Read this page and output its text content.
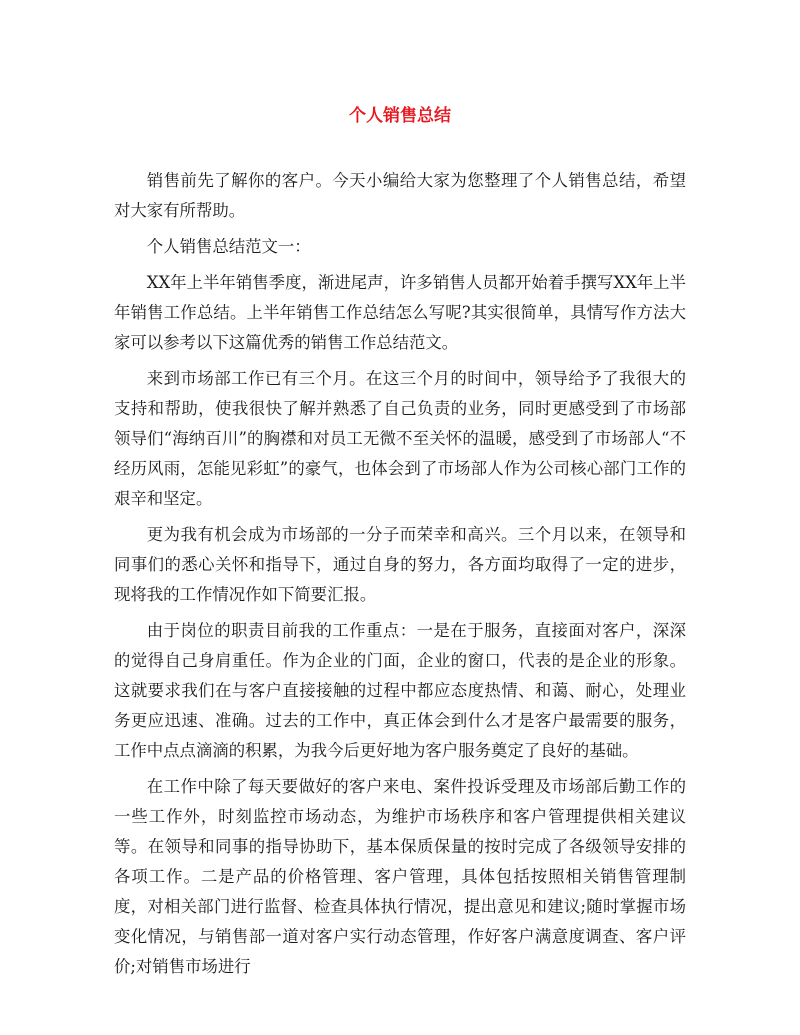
个人销售总结

销售前先了解你的客户。今天小编给大家为您整理了个人销售总结，希望对大家有所帮助。

个人销售总结范文一：

XX年上半年销售季度，渐进尾声，许多销售人员都开始着手撰写XX年上半年销售工作总结。上半年销售工作总结怎么写呢?其实很简单，具情写作方法大家可以参考以下这篇优秀的销售工作总结范文。

来到市场部工作已有三个月。在这三个月的时间中，领导给予了我很大的支持和帮助，使我很快了解并熟悉了自己负责的业务，同时更感受到了市场部领导们“海纳百川”的胸襟和对员工无微不至关怀的温暖，感受到了市场部人“不经历风雨，怎能见彩虹”的豪气，也体会到了市场部人作为公司核心部门工作的艰辛和坚定。

更为我有机会成为市场部的一分子而荣幸和高兴。三个月以来，在领导和同事们的悉心关怀和指导下，通过自身的努力，各方面均取得了一定的进步，现将我的工作情况作如下简要汇报。

由于岗位的职责目前我的工作重点：一是在于服务，直接面对客户，深深的觉得自己身肩重任。作为企业的门面，企业的窗口，代表的是企业的形象。这就要求我们在与客户直接接触的过程中都应态度热情、和蔼、耐心，处理业务更应迅速、准确。过去的工作中，真正体会到什么才是客户最需要的服务，工作中点点滴滴的积累，为我今后更好地为客户服务奠定了良好的基础。

在工作中除了每天要做好的客户来电、案件投诉受理及市场部后勤工作的一些工作外，时刻监控市场动态，为维护市场秩序和客户管理提供相关建议等。在领导和同事的指导协助下，基本保质保量的按时完成了各级领导安排的各项工作。二是产品的价格管理、客户管理，具体包括按照相关销售管理制度，对相关部门进行监督、检查具体执行情况，提出意见和建议;随时掌握市场变化情况，与销售部一道对客户实行动态管理，作好客户满意度调查、客户评价;对销售市场进行
